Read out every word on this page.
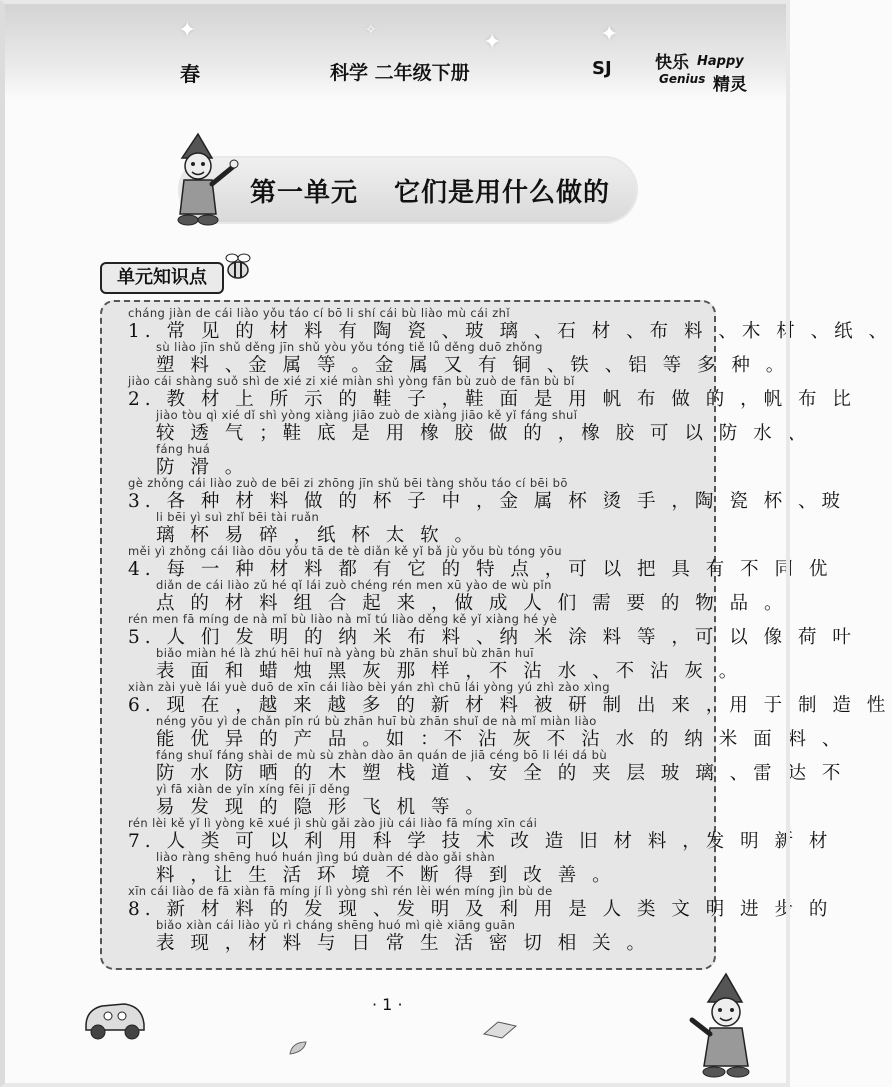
✦	✦	✦
✧
春	科学 二年级下册	SJ	快乐 Happy
Genius 精灵
第一单元 它们是用什么做的
单元知识点
cháng jiàn de cái liào yǒu táo cí bō li shí cái bù liào mù cái zhǐ
1. 常 见 的 材 料 有 陶 瓷 、玻 璃 、石 材 、布 料 、木 材 、纸 、
sù liào jīn shǔ děng jīn shǔ yòu yǒu tóng tiě lǚ děng duō zhǒng
塑 料 、金 属 等 。金 属 又 有 铜 、铁 、铝 等 多 种 。
jiào cái shàng suǒ shì de xié zi xié miàn shì yòng fān bù zuò de fān bù bǐ
2. 教 材 上 所 示 的 鞋 子 ，鞋 面 是 用 帆 布 做 的 ，帆 布 比
jiào tòu qì xié dǐ shì yòng xiàng jiāo zuò de xiàng jiāo kě yǐ fáng shuǐ
较 透 气 ；鞋 底 是 用 橡 胶 做 的 ，橡 胶 可 以 防 水 、
fáng huá
防 滑 。
gè zhǒng cái liào zuò de bēi zi zhōng jīn shǔ bēi tàng shǒu táo cí bēi bō
3. 各 种 材 料 做 的 杯 子 中 ，金 属 杯 烫 手 ，陶 瓷 杯 、玻
li bēi yì suì zhǐ bēi tài ruǎn
璃 杯 易 碎 ，纸 杯 太 软 。
měi yì zhǒng cái liào dōu yǒu tā de tè diǎn kě yǐ bǎ jù yǒu bù tóng yōu
4. 每 一 种 材 料 都 有 它 的 特 点 ，可 以 把 具 有 不 同 优
diǎn de cái liào zǔ hé qǐ lái zuò chéng rén men xū yào de wù pǐn
点 的 材 料 组 合 起 来 ，做 成 人 们 需 要 的 物 品 。
rén men fā míng de nà mǐ bù liào nà mǐ tú liào děng kě yǐ xiàng hé yè
5. 人 们 发 明 的 纳 米 布 料 、纳 米 涂 料 等 ，可 以 像 荷 叶
biǎo miàn hé là zhú hēi huī nà yàng bù zhān shuǐ bù zhān huī
表 面 和 蜡 烛 黑 灰 那 样 ，不 沾 水 、不 沾 灰 。
xiàn zài yuè lái yuè duō de xīn cái liào bèi yán zhì chū lái yòng yú zhì zào xìng
6. 现 在 ，越 来 越 多 的 新 材 料 被 研 制 出 来 ，用 于 制 造 性
néng yōu yì de chǎn pǐn rú bù zhān huī bù zhān shuǐ de nà mǐ miàn liào
能 优 异 的 产 品 。如 ：不 沾 灰 不 沾 水 的 纳 米 面 料 、
fáng shuǐ fáng shài de mù sù zhàn dào ān quán de jiā céng bō li léi dá bù
防 水 防 晒 的 木 塑 栈 道 、安 全 的 夹 层 玻 璃 、雷 达 不
yì fā xiàn de yǐn xíng fēi jī děng
易 发 现 的 隐 形 飞 机 等 。
rén lèi kě yǐ lì yòng kē xué jì shù gǎi zào jiù cái liào fā míng xīn cái
7. 人 类 可 以 利 用 科 学 技 术 改 造 旧 材 料 ，发 明 新 材
liào ràng shēng huó huán jìng bú duàn dé dào gǎi shàn
料 ，让 生 活 环 境 不 断 得 到 改 善 。
xīn cái liào de fā xiàn fā míng jí lì yòng shì rén lèi wén míng jìn bù de
8. 新 材 料 的 发 现 、发 明 及 利 用 是 人 类 文 明 进 步 的
biǎo xiàn cái liào yǔ rì cháng shēng huó mì qiè xiāng guān
表 现 ，材 料 与 日 常 生 活 密 切 相 关 。
· 1 ·
